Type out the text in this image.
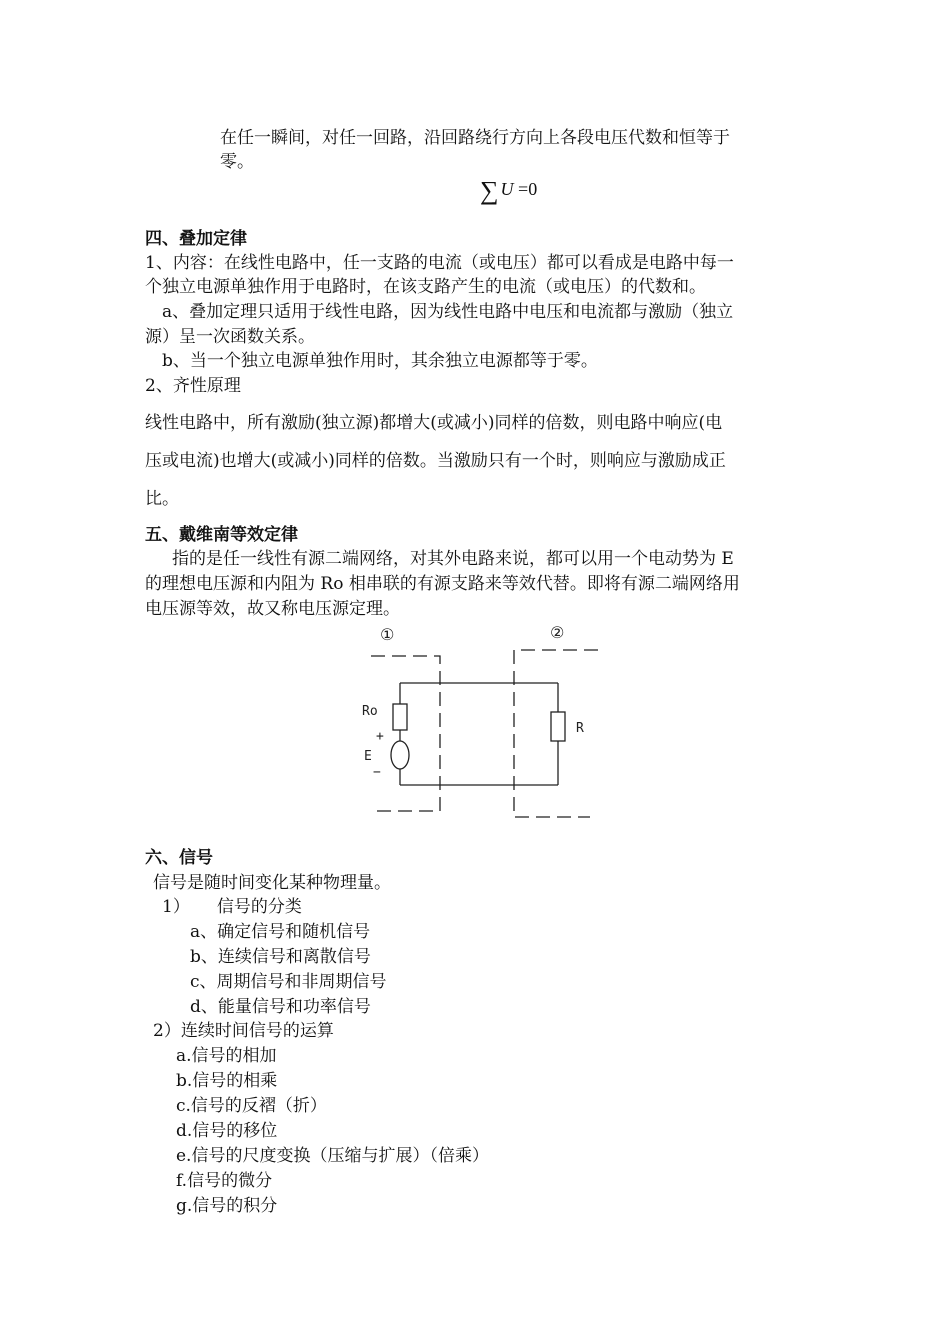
在任一瞬间，对任一回路，沿回路绕行方向上各段电压代数和恒等于
零。
∑ U =0
四、叠加定律
1、内容：在线性电路中，任一支路的电流（或电压）都可以看成是电路中每一
个独立电源单独作用于电路时，在该支路产生的电流（或电压）的代数和。
a、叠加定理只适用于线性电路，因为线性电路中电压和电流都与激励（独立
源）呈一次函数关系。
b、当一个独立电源单独作用时，其余独立电源都等于零。
2、齐性原理
线性电路中，所有激励(独立源)都增大(或减小)同样的倍数，则电路中响应(电
压或电流)也增大(或减小)同样的倍数。当激励只有一个时，则响应与激励成正
比。
五、戴维南等效定律
指的是任一线性有源二端网络，对其外电路来说，都可以用一个电动势为 E
的理想电压源和内阻为 Ro 相串联的有源支路来等效代替。即将有源二端网络用
电压源等效，故又称电压源定理。
①	②
Ro
+
E
−
R
六、信号
信号是随时间变化某种物理量。
1）     信号的分类
a、确定信号和随机信号
b、连续信号和离散信号
c、周期信号和非周期信号
d、能量信号和功率信号
2）连续时间信号的运算
a.信号的相加
b.信号的相乘
c.信号的反褶（折）
d.信号的移位
e.信号的尺度变换（压缩与扩展）（倍乘）
f.信号的微分
g.信号的积分
